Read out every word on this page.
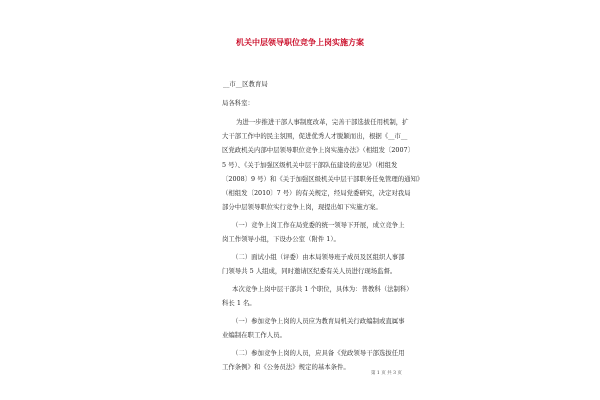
机关中层领导职位竞争上岗实施方案
__市__区教育局
局各科室：
为进一步推进干部人事制度改革，完善干部选拔任用机制，扩
大干部工作中的民主氛围，促进优秀人才脱颖而出，根据《__市__
区党政机关内部中层领导职位竞争上岗实施办法》（相组发〔2007〕
5 号）、《关于加强区级机关中层干部队伍建设的意见》（相组发
〔2008〕9 号）和《关于加强区级机关中层干部职务任免管理的通知》
（相组发〔2010〕7 号）的有关规定，经局党委研究，决定对我局
部分中层领导职位实行竞争上岗，现提出如下实施方案。
（一）竞争上岗工作在局党委的统一领导下开展，成立竞争上
岗工作领导小组，下设办公室（附件 1）。
（二）面试小组（评委）由本局领导班子成员及区组织人事部
门领导共 5 人组成，同时邀请区纪委有关人员进行现场监督。
本次竞争上岗中层干部共 1 个职位，具体为：普教科（法制科）
科长 1 名。
（一）参加竞争上岗的人员应为教育局机关行政编制或直属事
业编制在职工作人员。
（二）参加竞争上岗的人员，应具备《党政领导干部选拔任用
工作条例》和《公务员法》规定的基本条件。
第 1 页 共 3 页
